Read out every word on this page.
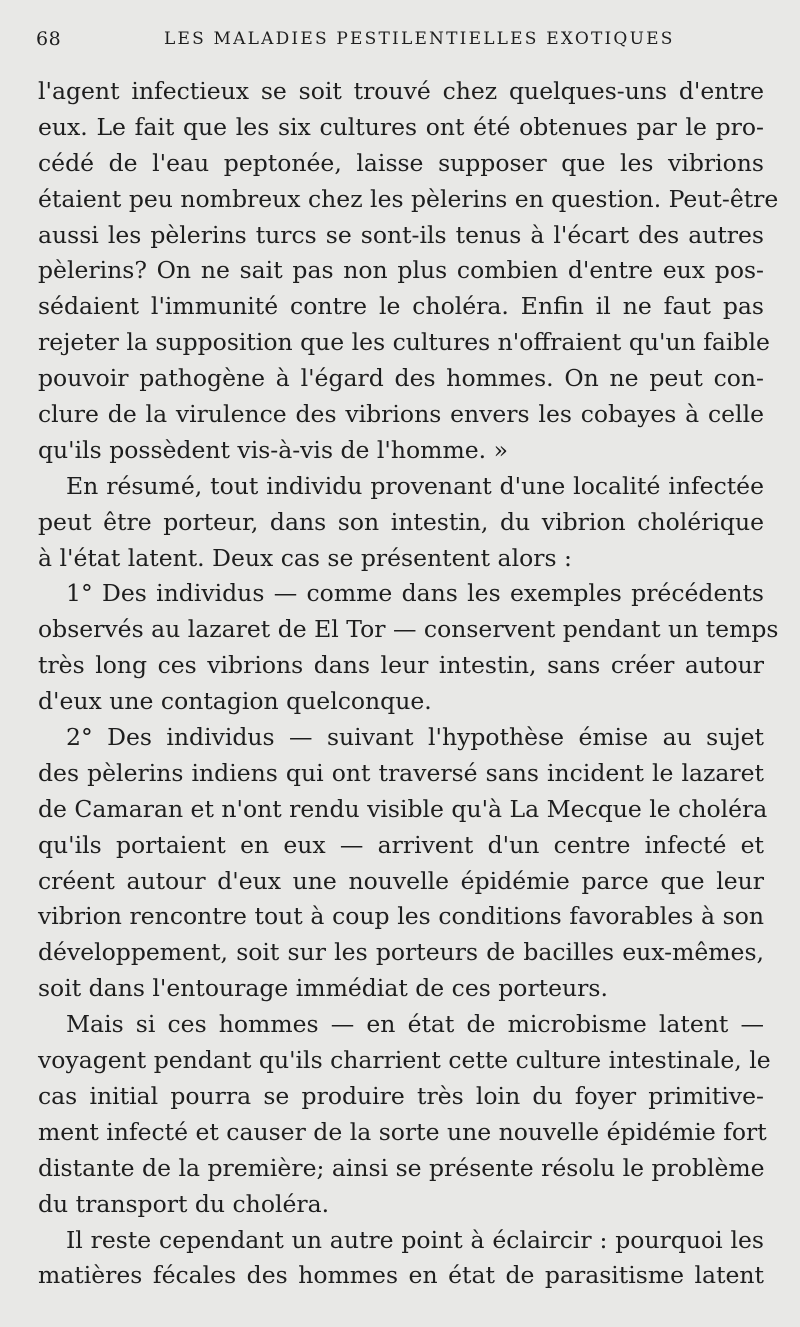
68	LES MALADIES PESTILENTIELLES EXOTIQUES
l'agent infectieux se soit trouvé chez quelques-uns d'entre
eux. Le fait que les six cultures ont été obtenues par le pro-
cédé de l'eau peptonée, laisse supposer que les vibrions
étaient peu nombreux chez les pèlerins en question. Peut-être
aussi les pèlerins turcs se sont-ils tenus à l'écart des autres
pèlerins? On ne sait pas non plus combien d'entre eux pos-
sédaient l'immunité contre le choléra. Enfin il ne faut pas
rejeter la supposition que les cultures n'offraient qu'un faible
pouvoir pathogène à l'égard des hommes. On ne peut con-
clure de la virulence des vibrions envers les cobayes à celle
qu'ils possèdent vis-à-vis de l'homme. »
En résumé, tout individu provenant d'une localité infectée
peut être porteur, dans son intestin, du vibrion cholérique
à l'état latent. Deux cas se présentent alors :
1° Des individus — comme dans les exemples précédents
observés au lazaret de El Tor — conservent pendant un temps
très long ces vibrions dans leur intestin, sans créer autour
d'eux une contagion quelconque.
2° Des individus — suivant l'hypothèse émise au sujet
des pèlerins indiens qui ont traversé sans incident le lazaret
de Camaran et n'ont rendu visible qu'à La Mecque le choléra
qu'ils portaient en eux — arrivent d'un centre infecté et
créent autour d'eux une nouvelle épidémie parce que leur
vibrion rencontre tout à coup les conditions favorables à son
développement, soit sur les porteurs de bacilles eux-mêmes,
soit dans l'entourage immédiat de ces porteurs.
Mais si ces hommes — en état de microbisme latent —
voyagent pendant qu'ils charrient cette culture intestinale, le
cas initial pourra se produire très loin du foyer primitive-
ment infecté et causer de la sorte une nouvelle épidémie fort
distante de la première; ainsi se présente résolu le problème
du transport du choléra.
Il reste cependant un autre point à éclaircir : pourquoi les
matières fécales des hommes en état de parasitisme latent
